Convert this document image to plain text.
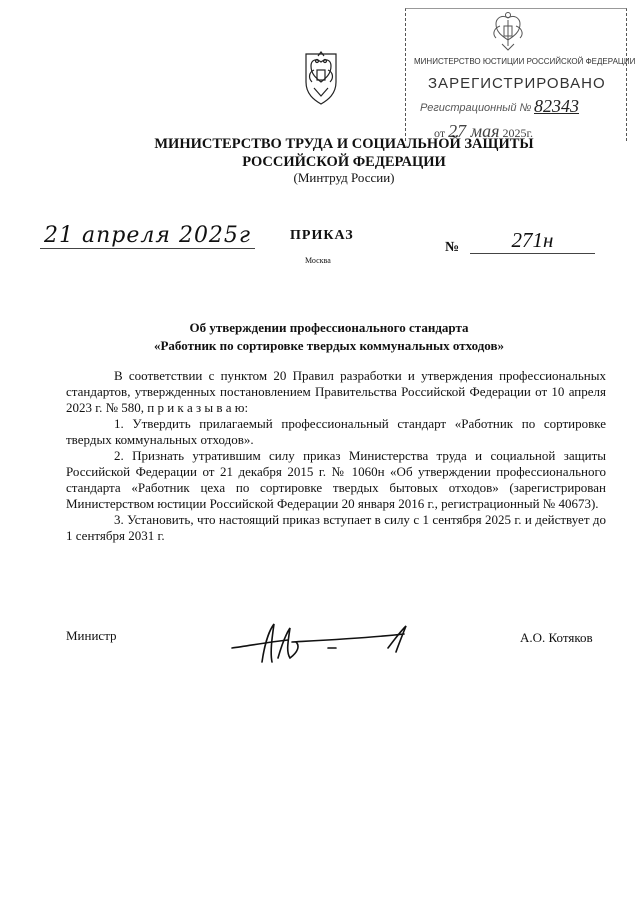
МИНИСТЕРСТВО ЮСТИЦИИ РОССИЙСКОЙ ФЕДЕРАЦИИ
ЗАРЕГИСТРИРОВАНО
Регистрационный № 82343
от 27 мая 2025г.
МИНИСТЕРСТВО ТРУДА И СОЦИАЛЬНОЙ ЗАЩИТЫ
РОССИЙСКОЙ ФЕДЕРАЦИИ
(Минтруд России)
21 апреля 2025г	ПРИКАЗ
Москва
№	271н
Об утверждении профессионального стандарта
«Работник по сортировке твердых коммунальных отходов»

В соответствии с пунктом 20 Правил разработки и утверждения профессиональных стандартов, утвержденных постановлением Правительства Российской Федерации от 10 апреля 2023 г. № 580, п р и к а з ы в а ю:

1. Утвердить прилагаемый профессиональный стандарт «Работник по сортировке твердых коммунальных отходов».

2. Признать утратившим силу приказ Министерства труда и социальной защиты Российской Федерации от 21 декабря 2015 г. № 1060н «Об утверждении профессионального стандарта «Работник цеха по сортировке твердых бытовых отходов» (зарегистрирован Министерством юстиции Российской Федерации 20 января 2016 г., регистрационный № 40673).

3. Установить, что настоящий приказ вступает в силу с 1 сентября 2025 г. и действует до 1 сентября 2031 г.

Министр	А.О. Котяков
